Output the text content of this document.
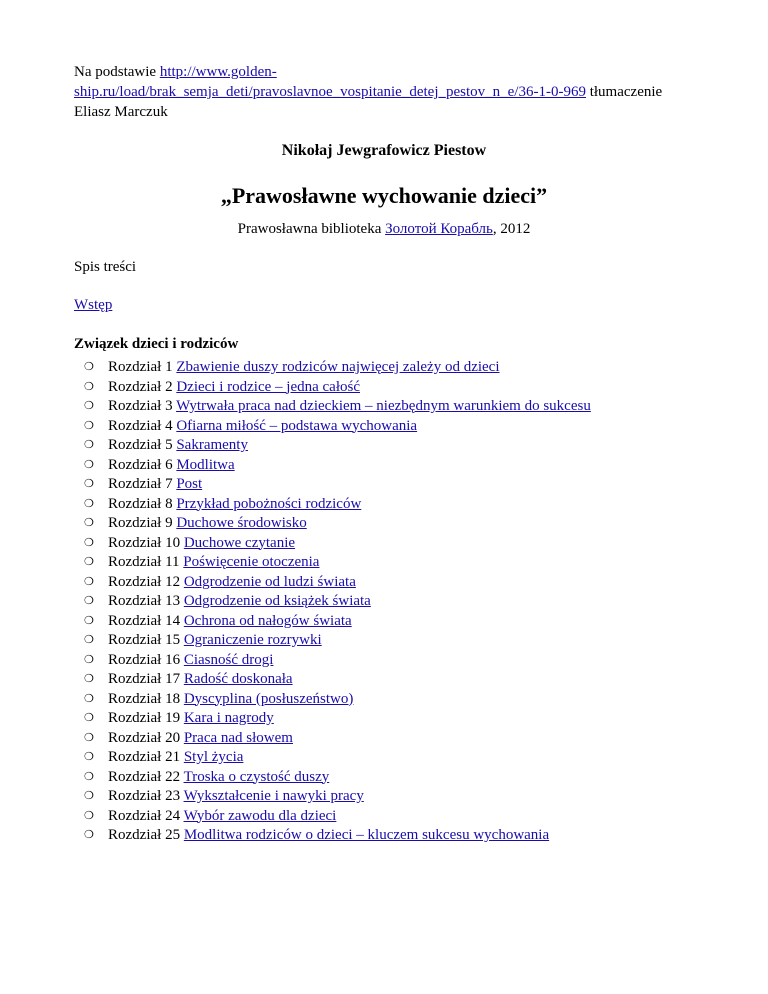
Na podstawie http://www.golden-
ship.ru/load/brak_semja_deti/pravoslavnoe_vospitanie_detej_pestov_n_e/36-1-0-969 tłumaczenie
Eliasz Marczuk

Nikołaj Jewgrafowicz Piestow
„Prawosławne wychowanie dzieci”
Prawosławna biblioteka Золотой Корабль, 2012
Spis treści
Wstęp
Związek dzieci i rodziców
❍ Rozdział 1 Zbawienie duszy rodziców najwięcej zależy od dzieci
❍ Rozdział 2 Dzieci i rodzice – jedna całość
❍ Rozdział 3 Wytrwała praca nad dzieckiem – niezbędnym warunkiem do sukcesu
❍ Rozdział 4 Ofiarna miłość – podstawa wychowania
❍ Rozdział 5 Sakramenty
❍ Rozdział 6 Modlitwa
❍ Rozdział 7 Post
❍ Rozdział 8 Przykład pobożności rodziców
❍ Rozdział 9 Duchowe środowisko
❍ Rozdział 10 Duchowe czytanie
❍ Rozdział 11 Poświęcenie otoczenia
❍ Rozdział 12 Odgrodzenie od ludzi świata
❍ Rozdział 13 Odgrodzenie od książek świata
❍ Rozdział 14 Ochrona od nałogów świata
❍ Rozdział 15 Ograniczenie rozrywki
❍ Rozdział 16 Ciasność drogi
❍ Rozdział 17 Radość doskonała
❍ Rozdział 18 Dyscyplina (posłuszeństwo)
❍ Rozdział 19 Kara i nagrody
❍ Rozdział 20 Praca nad słowem
❍ Rozdział 21 Styl życia
❍ Rozdział 22 Troska o czystość duszy
❍ Rozdział 23 Wykształcenie i nawyki pracy
❍ Rozdział 24 Wybór zawodu dla dzieci
❍ Rozdział 25 Modlitwa rodziców o dzieci – kluczem sukcesu wychowania
